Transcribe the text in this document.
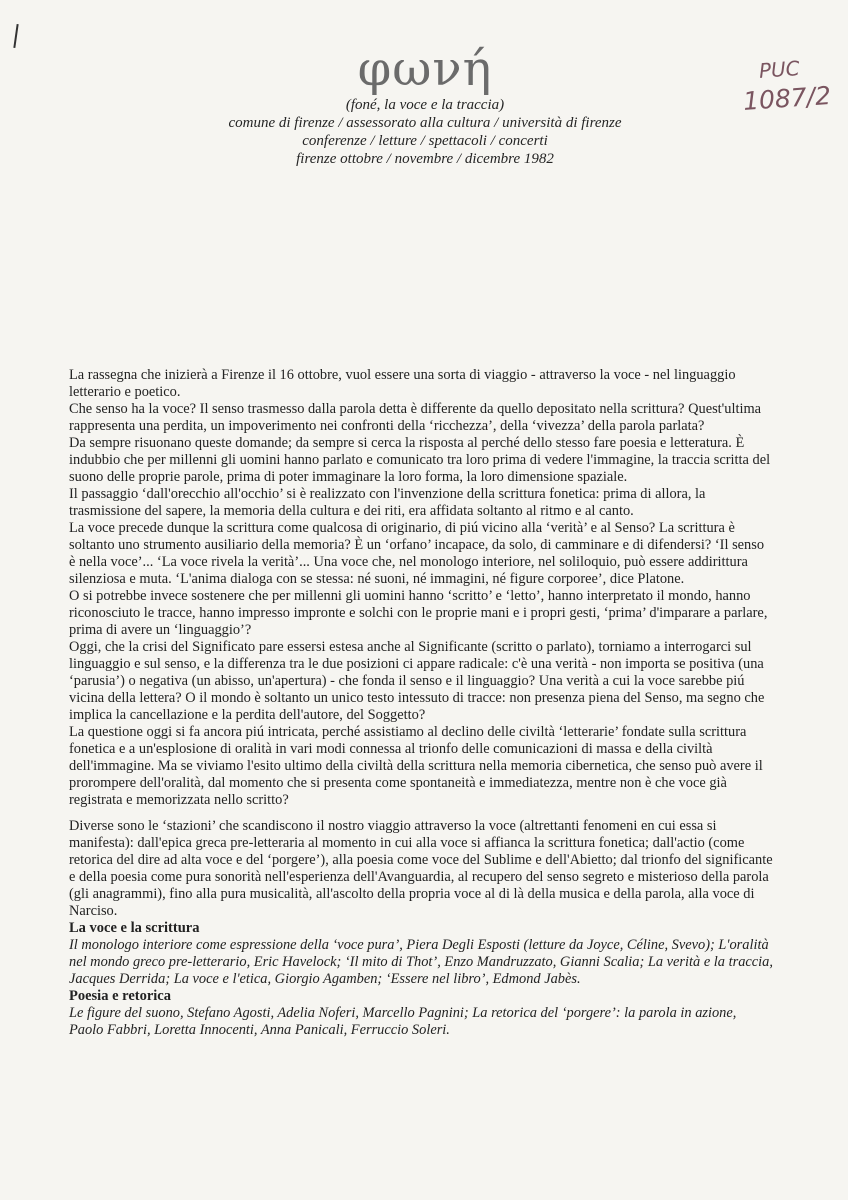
PUC
1087/2
φωνή
(foné, la voce e la traccia)
comune di firenze / assessorato alla cultura / università di firenze
conferenze / letture / spettacoli / concerti
firenze ottobre / novembre / dicembre 1982

La rassegna che inizierà a Firenze il 16 ottobre, vuol essere una sorta di viaggio - attraverso la voce - nel linguaggio letterario e poetico.

Che senso ha la voce? Il senso trasmesso dalla parola detta è differente da quello depositato nella scrittura? Quest'ultima rappresenta una perdita, un impoverimento nei confronti della ‘ricchezza’, della ‘vivezza’ della parola parlata?

Da sempre risuonano queste domande; da sempre si cerca la risposta al perché dello stesso fare poesia e letteratura. È indubbio che per millenni gli uomini hanno parlato e comunicato tra loro prima di vedere l'immagine, la traccia scritta del suono delle proprie parole, prima di poter immaginare la loro forma, la loro dimensione spaziale.

Il passaggio ‘dall'orecchio all'occhio’ si è realizzato con l'invenzione della scrittura fonetica: prima di allora, la trasmissione del sapere, la memoria della cultura e dei riti, era affidata soltanto al ritmo e al canto.

La voce precede dunque la scrittura come qualcosa di originario, di piú vicino alla ‘verità’ e al Senso? La scrittura è soltanto uno strumento ausiliario della memoria? È un ‘orfano’ incapace, da solo, di camminare e di difendersi? ‘Il senso è nella voce’... ‘La voce rivela la verità’... Una voce che, nel monologo interiore, nel soliloquio, può essere addirittura silenziosa e muta. ‘L'anima dialoga con se stessa: né suoni, né immagini, né figure corporee’, dice Platone.

O si potrebbe invece sostenere che per millenni gli uomini hanno ‘scritto’ e ‘letto’, hanno interpretato il mondo, hanno riconosciuto le tracce, hanno impresso impronte e solchi con le proprie mani e i propri gesti, ‘prima’ d'imparare a parlare, prima di avere un ‘linguaggio’?

Oggi, che la crisi del Significato pare essersi estesa anche al Significante (scritto o parlato), torniamo a interrogarci sul linguaggio e sul senso, e la differenza tra le due posizioni ci appare radicale: c'è una verità - non importa se positiva (una ‘parusia’) o negativa (un abisso, un'apertura) - che fonda il senso e il linguaggio? Una verità a cui la voce sarebbe piú vicina della lettera? O il mondo è soltanto un unico testo intessuto di tracce: non presenza piena del Senso, ma segno che implica la cancellazione e la perdita dell'autore, del Soggetto?

La questione oggi si fa ancora piú intricata, perché assistiamo al declino delle civiltà ‘letterarie’ fondate sulla scrittura fonetica e a un'esplosione di oralità in vari modi connessa al trionfo delle comunicazioni di massa e della civiltà dell'immagine. Ma se viviamo l'esito ultimo della civiltà della scrittura nella memoria cibernetica, che senso può avere il prorompere dell'oralità, dal momento che si presenta come spontaneità e immediatezza, mentre non è che voce già registrata e memorizzata nello scritto?

Diverse sono le ‘stazioni’ che scandiscono il nostro viaggio attraverso la voce (altrettanti fenomeni en cui essa si manifesta): dall'epica greca pre-letteraria al momento in cui alla voce si affianca la scrittura fonetica; dall'actio (come retorica del dire ad alta voce e del ‘porgere’), alla poesia come voce del Sublime e dell'Abietto; dal trionfo del significante e della poesia come pura sonorità nell'esperienza dell'Avanguardia, al recupero del senso segreto e misterioso della parola (gli anagrammi), fino alla pura musicalità, all'ascolto della propria voce al di là della musica e della parola, alla voce di Narciso.

La voce e la scrittura

Il monologo interiore come espressione della ‘voce pura’, Piera Degli Esposti (letture da Joyce, Céline, Svevo); L'oralità nel mondo greco pre-letterario, Eric Havelock; ‘Il mito di Thot’, Enzo Mandruzzato, Gianni Scalia; La verità e la traccia, Jacques Derrida; La voce e l'etica, Giorgio Agamben; ‘Essere nel libro’, Edmond Jabès.

Poesia e retorica

Le figure del suono, Stefano Agosti, Adelia Noferi, Marcello Pagnini; La retorica del ‘porgere’: la parola in azione, Paolo Fabbri, Loretta Innocenti, Anna Panicali, Ferruccio Soleri.
